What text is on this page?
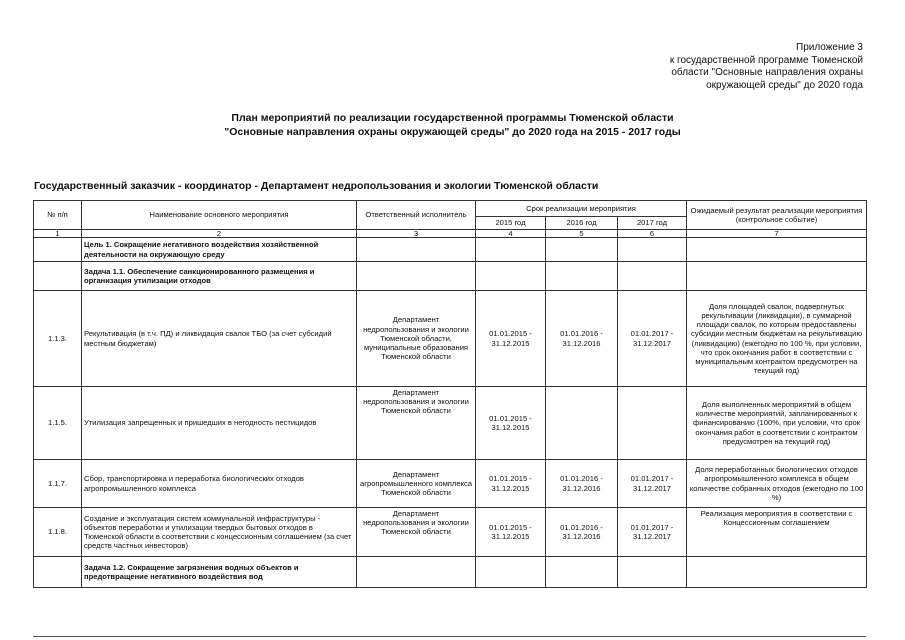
Приложение 3
к государственной программе Тюменской
области "Основные направления охраны
окружающей среды" до 2020 года
План мероприятий по реализации государственной программы Тюменской области
"Основные направления охраны окружающей среды" до 2020 года на 2015 - 2017 годы
Государственный заказчик - координатор - Департамент недропользования и экологии Тюменской области
№ п/п	Наименование основного мероприятия	Ответственный исполнитель	Срок реализации мероприятия			Ожидаемый результат реализации мероприятия (контрольное событие)
			2015 год	2016 год	2017 год	
1	2	3	4	5	6	7
	Цель 1. Сокращение негативного воздействия хозяйственной деятельности на окружающую среду					
	Задача 1.1. Обеспечение санкционированного размещения и организация утилизации отходов					
1.1.3.	Рекультивация (в т.ч. ПД) и ликвидация свалок ТБО (за счет субсидий местным бюджетам)	Департамент недропользования и экологии Тюменской области, муниципальные образования Тюменской области	01.01.2015 - 31.12.2015	01.01.2016 - 31.12.2016	01.01.2017 - 31.12.2017	Доля площадей свалок, подвергнутых рекультивации (ликвидации), в суммарной площади свалок, по которым предоставлены субсидии местным бюджетам на рекультивацию (ликвидацию) (ежегодно по 100 %, при условии, что срок окончания работ в соответствии с муниципальным контрактом предусмотрен на текущий год)
1.1.5.	Утилизация запрещенных и пришедших в негодность пестицидов	Департамент недропользования и экологии Тюменской области	01.01.2015 - 31.12.2015			Доля выполненных мероприятий в общем количестве мероприятий, запланированных к финансированию (100%, при условии, что срок окончания работ в соответствии с контрактом предусмотрен на текущий год)
1.1.7.	Сбор, транспортировка и переработка биологических отходов агропромышленного комплекса	Департамент агропромышленного комплекса Тюменской области	01.01.2015 - 31.12.2015	01.01.2016 - 31.12.2016	01.01.2017 - 31.12.2017	Доля переработанных биологических отходов агропромышленного комплекса в общем количестве собранных отходов (ежегодно по 100 %)
1.1.8.	Создание и эксплуатация систем коммунальной инфраструктуры - объектов переработки и утилизации твердых бытовых отходов в Тюменской области в соответствии с концессионным соглашением (за счет средств частных инвесторов)	Департамент недропользования и экологии Тюменской области	01.01.2015 - 31.12.2015	01.01.2016 - 31.12.2016	01.01.2017 - 31.12.2017	Реализация мероприятия в соответствии с Концессионным соглашением
	Задача 1.2. Сокращение загрязнения водных объектов и предотвращение негативного воздействия вод					
